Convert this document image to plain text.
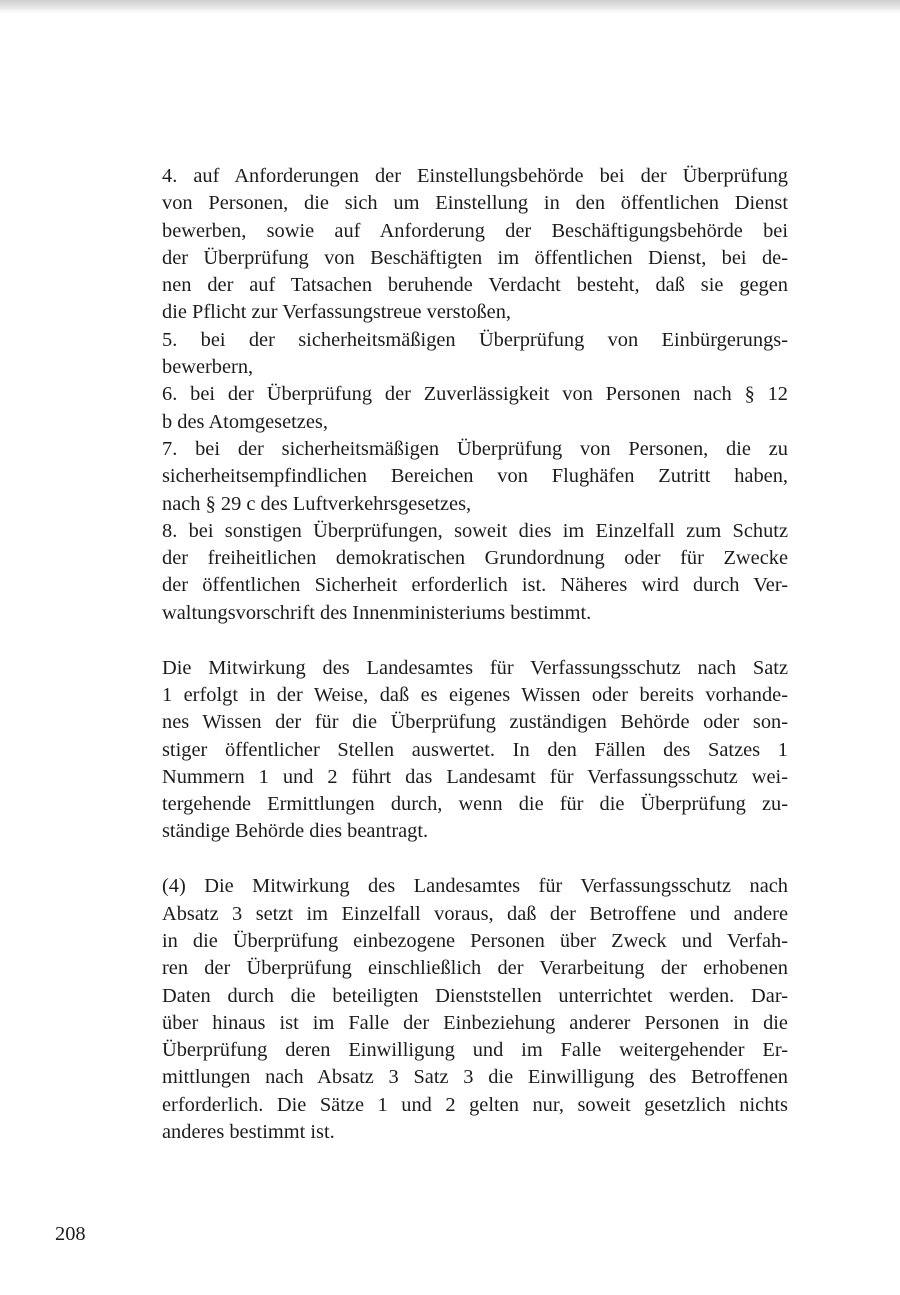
4. auf Anforderungen der Einstellungsbehörde bei der Überprüfung
von Personen, die sich um Einstellung in den öffentlichen Dienst
bewerben, sowie auf Anforderung der Beschäftigungsbehörde bei
der Überprüfung von Beschäftigten im öffentlichen Dienst, bei de-
nen der auf Tatsachen beruhende Verdacht besteht, daß sie gegen
die Pflicht zur Verfassungstreue verstoßen,
5. bei der sicherheitsmäßigen Überprüfung von Einbürgerungs-
bewerbern,
6. bei der Überprüfung der Zuverlässigkeit von Personen nach § 12
b des Atomgesetzes,
7. bei der sicherheitsmäßigen Überprüfung von Personen, die zu
sicherheitsempfindlichen Bereichen von Flughäfen Zutritt haben,
nach § 29 c des Luftverkehrsgesetzes,
8. bei sonstigen Überprüfungen, soweit dies im Einzelfall zum Schutz
der freiheitlichen demokratischen Grundordnung oder für Zwecke
der öffentlichen Sicherheit erforderlich ist. Näheres wird durch Ver-
waltungsvorschrift des Innenministeriums bestimmt.
Die Mitwirkung des Landesamtes für Verfassungsschutz nach Satz
1 erfolgt in der Weise, daß es eigenes Wissen oder bereits vorhande-
nes Wissen der für die Überprüfung zuständigen Behörde oder son-
stiger öffentlicher Stellen auswertet. In den Fällen des Satzes 1
Nummern 1 und 2 führt das Landesamt für Verfassungsschutz wei-
tergehende Ermittlungen durch, wenn die für die Überprüfung zu-
ständige Behörde dies beantragt.
(4) Die Mitwirkung des Landesamtes für Verfassungsschutz nach
Absatz 3 setzt im Einzelfall voraus, daß der Betroffene und andere
in die Überprüfung einbezogene Personen über Zweck und Verfah-
ren der Überprüfung einschließlich der Verarbeitung der erhobenen
Daten durch die beteiligten Dienststellen unterrichtet werden. Dar-
über hinaus ist im Falle der Einbeziehung anderer Personen in die
Überprüfung deren Einwilligung und im Falle weitergehender Er-
mittlungen nach Absatz 3 Satz 3 die Einwilligung des Betroffenen
erforderlich. Die Sätze 1 und 2 gelten nur, soweit gesetzlich nichts
anderes bestimmt ist.
208
